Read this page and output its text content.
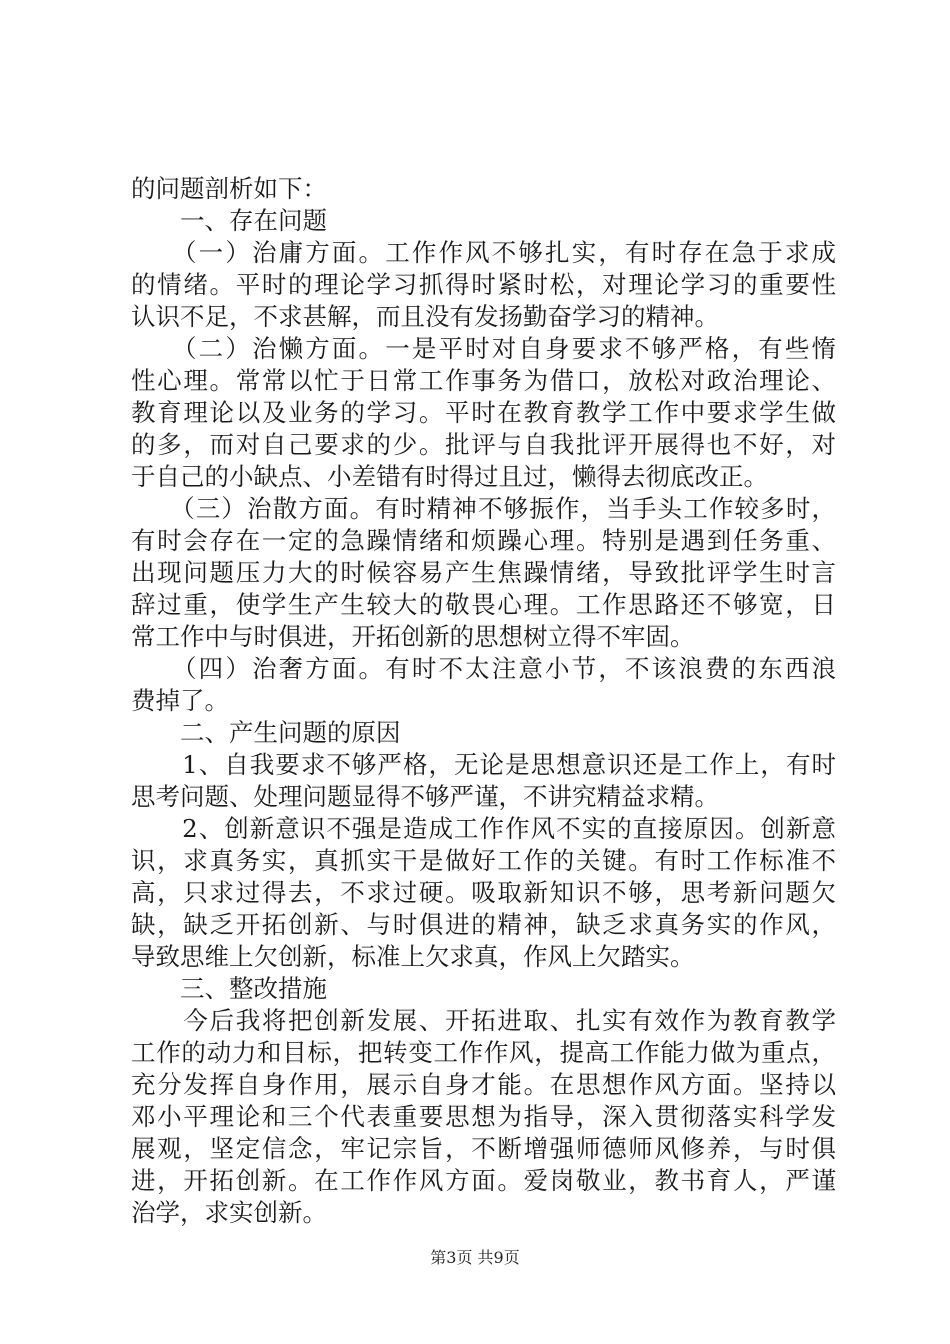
的问题剖析如下：
　　一、存在问题
　　（一）治庸方面。工作作风不够扎实，有时存在急于求成
的情绪。平时的理论学习抓得时紧时松，对理论学习的重要性
认识不足，不求甚解，而且没有发扬勤奋学习的精神。
　　（二）治懒方面。一是平时对自身要求不够严格，有些惰
性心理。常常以忙于日常工作事务为借口，放松对政治理论、
教育理论以及业务的学习。平时在教育教学工作中要求学生做
的多，而对自己要求的少。批评与自我批评开展得也不好，对
于自己的小缺点、小差错有时得过且过，懒得去彻底改正。
　　（三）治散方面。有时精神不够振作，当手头工作较多时，
有时会存在一定的急躁情绪和烦躁心理。特别是遇到任务重、
出现问题压力大的时候容易产生焦躁情绪，导致批评学生时言
辞过重，使学生产生较大的敬畏心理。工作思路还不够宽，日
常工作中与时俱进，开拓创新的思想树立得不牢固。
　　（四）治奢方面。有时不太注意小节，不该浪费的东西浪
费掉了。
　　二、产生问题的原因
　　1、自我要求不够严格，无论是思想意识还是工作上，有时
思考问题、处理问题显得不够严谨，不讲究精益求精。
　　2、创新意识不强是造成工作作风不实的直接原因。创新意
识，求真务实，真抓实干是做好工作的关键。有时工作标准不
高，只求过得去，不求过硬。吸取新知识不够，思考新问题欠
缺，缺乏开拓创新、与时俱进的精神，缺乏求真务实的作风，
导致思维上欠创新，标准上欠求真，作风上欠踏实。
　　三、整改措施
　　今后我将把创新发展、开拓进取、扎实有效作为教育教学
工作的动力和目标，把转变工作作风，提高工作能力做为重点，
充分发挥自身作用，展示自身才能。在思想作风方面。坚持以
邓小平理论和三个代表重要思想为指导，深入贯彻落实科学发
展观，坚定信念，牢记宗旨，不断增强师德师风修养，与时俱
进，开拓创新。在工作作风方面。爱岗敬业，教书育人，严谨
治学，求实创新。
第3页 共9页
